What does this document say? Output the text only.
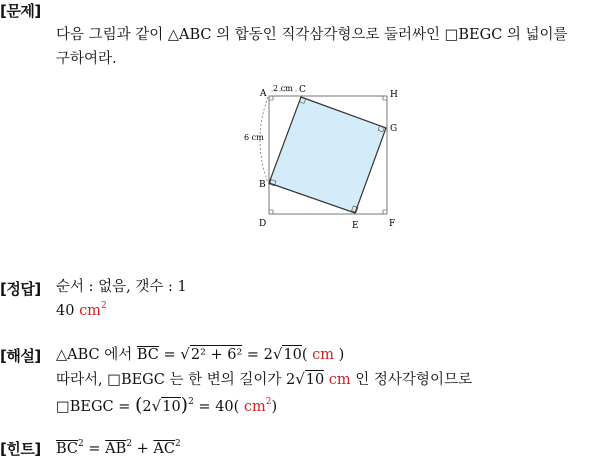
[문제]
다음 그림과 같이 △ABC 의 합동인 직각삼각형으로 둘러싸인 □BEGC 의 넓이를
구하여라.
2 cm
6 cm
A	C	H
G
B
D	E	F
[정답] 순서 : 없음, 갯수 : 1
40 $cm^2$
[해설] △ABC 에서 $\overline{BC} = √2^2 + 6^2 = 2√10$( cm )
따라서, □BEGC 는 한 변의 길이가 2√10 cm 인 정사각형이므로
□BEGC = $(2√10)^2 = 40$( $cm^2$)
[힌트] $\overline{BC}^2 = \overline{AB}^2 + \overline{AC}^2$
